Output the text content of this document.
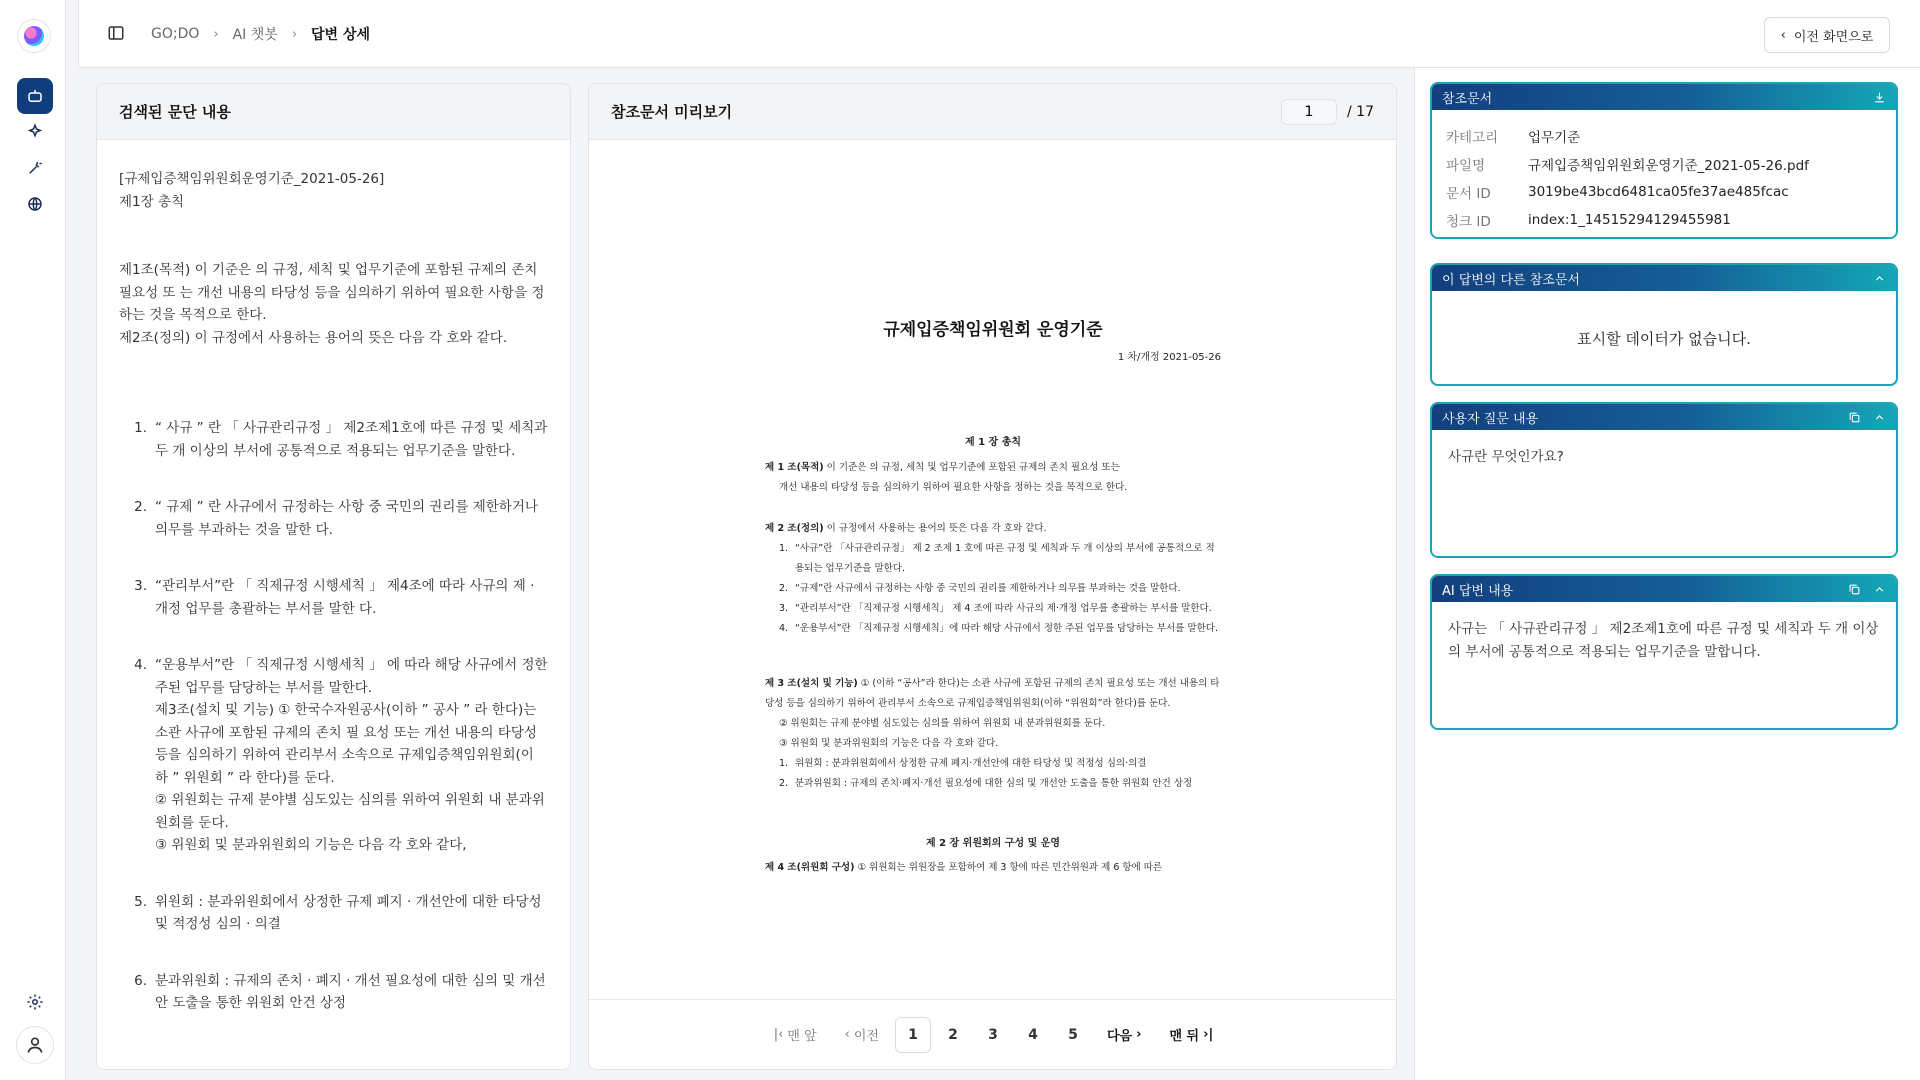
GO;DO › AI 챗봇 › 답변 상세	‹ 이전 화면으로
검색된 문단 내용

[규제입증책임위원회운영기준_2021-05-26]

제1장 총칙

제1조(목적) 이 기준은 의 규정, 세칙 및 업무기준에 포함된 규제의 존치 필요성 또 는 개선 내용의 타당성 등을 심의하기 위하여 필요한 사항을 정하는 것을 목적으로 한다.

제2조(정의) 이 규정에서 사용하는 용어의 뜻은 다음 각 호와 같다.

1. “ 사규 ” 란 「 사규관리규정 」 제2조제1호에 따른 규정 및 세칙과 두 개 이상의 부서에 공통적으로 적용되는 업무기준을 말한다.
2. “ 규제 ” 란 사규에서 규정하는 사항 중 국민의 권리를 제한하거나 의무를 부과하는 것을 말한 다.
3. “관리부서”란 「 직제규정 시행세칙 」 제4조에 따라 사규의 제 · 개정 업무를 총괄하는 부서를 말한 다.
4. “운용부서”란 「 직제규정 시행세칙 」 에 따라 해당 사규에서 정한 주된 업무를 담당하는 부서를 말한다.
제3조(설치 및 기능) ① 한국수자원공사(이하 ” 공사 ” 라 한다)는 소관 사규에 포함된 규제의 존치 필 요성 또는 개선 내용의 타당성 등을 심의하기 위하여 관리부서 소속으로 규제입증책임위원회(이 하 ” 위원회 ” 라 한다)를 둔다.
② 위원회는 규제 분야별 심도있는 심의를 위하여 위원회 내 분과위원회를 둔다.
③ 위원회 및 분과위원회의 기능은 다음 각 호와 같다,
5. 위원회 : 분과위원회에서 상정한 규제 폐지 · 개선안에 대한 타당성 및 적정성 심의 · 의결
6. 분과위원회 : 규제의 존치 · 폐지 · 개선 필요성에 대한 심의 및 개선안 도출을 통한 위원회 안건 상정
참조문서 미리보기
1	/ 17
규제입증책임위원회 운영기준
1 차/개정 2021-05-26
제 1 장 총칙
제 1 조(목적) 이 기준은 의 규정, 세칙 및 업무기준에 포함된 규제의 존치 필요성 또는
개선 내용의 타당성 등을 심의하기 위하여 필요한 사항을 정하는 것을 목적으로 한다.
제 2 조(정의) 이 규정에서 사용하는 용어의 뜻은 다음 각 호와 같다.
1. “사규”란 「사규관리규정」 제 2 조제 1 호에 따른 규정 및 세칙과 두 개 이상의 부서에 공통적으로 적용되는 업무기준을 말한다.
2. “규제”란 사규에서 규정하는 사항 중 국민의 권리를 제한하거나 의무를 부과하는 것을 말한다.
3. “관리부서”란 「직제규정 시행세칙」 제 4 조에 따라 사규의 제·개정 업무를 총괄하는 부서를 말한다.
4. “운용부서”란 「직제규정 시행세칙」에 따라 해당 사규에서 정한 주된 업무를 담당하는 부서를 말한다.
제 3 조(설치 및 기능) ① (이하 “공사”라 한다)는 소관 사규에 포함된 규제의 존치 필요성 또는 개선 내용의 타당성 등을 심의하기 위하여 관리부서 소속으로 규제입증책임위원회(이하 “위원회”라 한다)를 둔다.
② 위원회는 규제 분야별 심도있는 심의를 위하여 위원회 내 분과위원회를 둔다.
③ 위원회 및 분과위원회의 기능은 다음 각 호와 같다.
1. 위원회 : 분과위원회에서 상정한 규제 폐지·개선안에 대한 타당성 및 적정성 심의·의결
2. 분과위원회 : 규제의 존치·폐지·개선 필요성에 대한 심의 및 개선안 도출을 통한 위원회 안건 상정
제 2 장 위원회의 구성 및 운영
제 4 조(위원회 구성) ① 위원회는 위원장을 포함하여 제 3 항에 따른 민간위원과 제 6 항에 따른
|‹ 맨 앞	‹ 이전	1	2	3	4	5	다음 ›	맨 뒤 ›|
참조문서
카테고리	업무기준
파일명	규제입증책임위원회운영기준_2021-05-26.pdf
문서 ID	3019be43bcd6481ca05fe37ae485fcac
청크 ID	index:1_14515294129455981
이 답변의 다른 참조문서
표시할 데이터가 없습니다.
사용자 질문 내용
사규란 무엇인가요?
AI 답변 내용
사규는 「 사규관리규정 」 제2조제1호에 따른 규정 및 세칙과 두 개 이상의 부서에 공통적으로 적용되는 업무기준을 말합니다.
